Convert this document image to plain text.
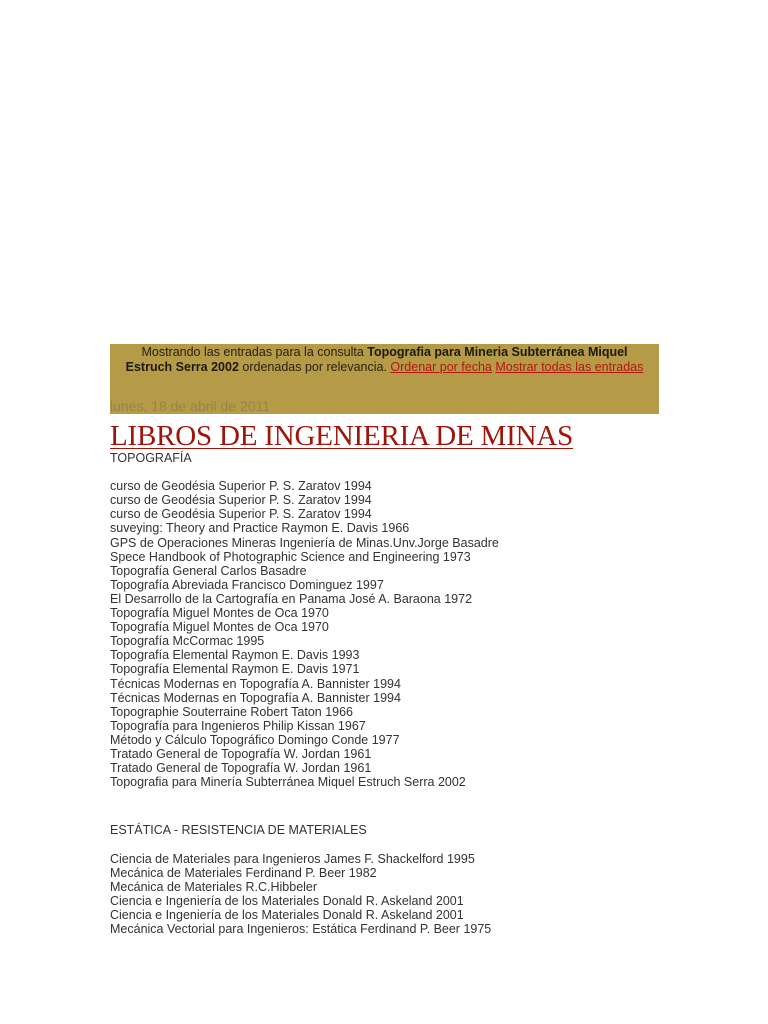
Mostrando las entradas para la consulta Topografia para Mineria Subterránea Miquel Estruch Serra 2002 ordenadas por relevancia. Ordenar por fecha Mostrar todas las entradas
lunes, 18 de abril de 2011
LIBROS DE INGENIERIA DE MINAS
TOPOGRAFÍA
curso de Geodésia Superior P. S. Zaratov 1994
curso de Geodésia Superior P. S. Zaratov 1994
curso de Geodésia Superior P. S. Zaratov 1994
suveying: Theory and Practice Raymon E. Davis 1966
GPS de Operaciones Mineras Ingeniería de Minas.Unv.Jorge Basadre
Spece Handbook of Photographic Science and Engineering 1973
Topografía General Carlos Basadre
Topografía Abreviada Francisco Dominguez 1997
El Desarrollo de la Cartografía en Panama José A. Baraona 1972
Topografía Miguel Montes de Oca 1970
Topografía Miguel Montes de Oca 1970
Topografía McCormac 1995
Topografía Elemental Raymon E. Davis 1993
Topografía Elemental Raymon E. Davis 1971
Técnicas Modernas en Topografía A. Bannister 1994
Técnicas Modernas en Topografía A. Bannister 1994
Topographie Souterraine Robert Taton 1966
Topografía para Ingenieros Philip Kissan 1967
Método y Cálculo Topográfico Domingo Conde 1977
Tratado General de Topografía W. Jordan 1961
Tratado General de Topografía W. Jordan 1961
Topografia para Minería Subterránea Miquel Estruch Serra 2002
ESTÁTICA - RESISTENCIA DE MATERIALES
Ciencia de Materiales para Ingenieros James F. Shackelford 1995
Mecánica de Materiales Ferdinand P. Beer 1982
Mecánica de Materiales R.C.Hibbeler
Ciencia e Ingeniería de los Materiales Donald R. Askeland 2001
Ciencia e Ingeniería de los Materiales Donald R. Askeland 2001
Mecánica Vectorial para Ingenieros: Estática Ferdinand P. Beer 1975
